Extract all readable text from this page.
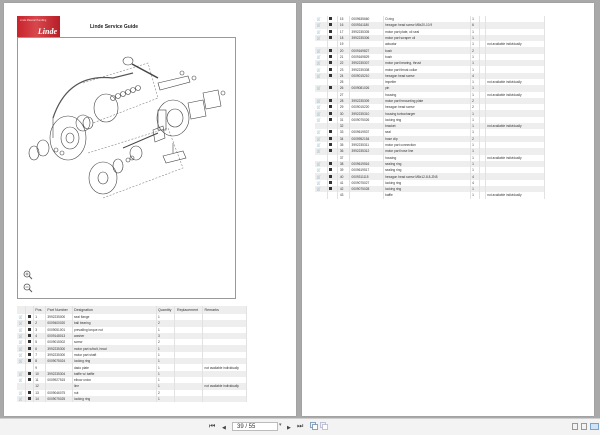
Linde Material Handling
Linde	Linde Service Guide
		Pos.	Part Number	Designation	Quantity	Replacement	Remarks
🛒		1	3992235000	seal flange	1		
🛒		2	0009400020	ball bearing	2		
🛒		3	0009051001	prevailing torque nut	1		
🛒		4	0009148013	washer	3		
🛒		5	0009015002	screw	2		
🛒		6	3992235300	motor part w/bolt, head	1		
🛒		7	3992235300	motor part shaft	1		
🛒		8	0009075024	locking ring	1		
		9		dado plate	1		not available individually
🛒		10	3992235304	baffle w/ baffle	1		
🛒		11	0009927515	elbow union	1		
		12		line	1		not available individually
🛒		13	0009046075	nut	2		
🛒		14	0009075025	locking ring	1		
🛒		15	0009635660	O-ring	1		
🛒		16	0009341180	hexagon head screw M8x20-10.9	6		
🛒		17	3992235305	motor part plate, oil seal	1		
🛒		18	3992235306	motor part scraper oil	1		
		19		actuator	1		not available individually
🛒		20	0009169827	bush	2		
🛒		21	0009169829	bush	1		
🛒		22	3992235307	motor part bearing, thrust	1		
🛒		23	3992235308	motor part thrust collar	1		
🛒		24	0009015210	hexagon head screw	4		
		25		impeller	1		not available individually
🛒		26	0009081026	pin	1		
		27		housing	1		not available individually
🛒		28	3992235309	motor part hmounting plate	2		
🛒		29	0009015220	hexagon head screw	2		
🛒		30	3992235310	housing turbocharger	1		
🛒		31	0009075026	locking ring	1		
		32		bracket	1		not available individually
🛒		33	0009619537	seal	1		
🛒		34	0009952154	hose clip	2		
🛒		35	3992235311	motor part connection	1		
🛒		36	3992235312	motor part hose line	1		
		37		housing	1		not available individually
🛒		38	0009619516	sealing ring	1		
🛒		39	0009619517	sealing ring	1		
🛒		40	0009311115	hexagon head screw M8x12-8.8-ZN5	4		
🛒		41	0009075027	locking ring	4		
🛒		42	0009075028	locking ring	1		
		43		baffle	1		not available individually
⏮ ◀	39 / 55	▾ ▶ ⏭
